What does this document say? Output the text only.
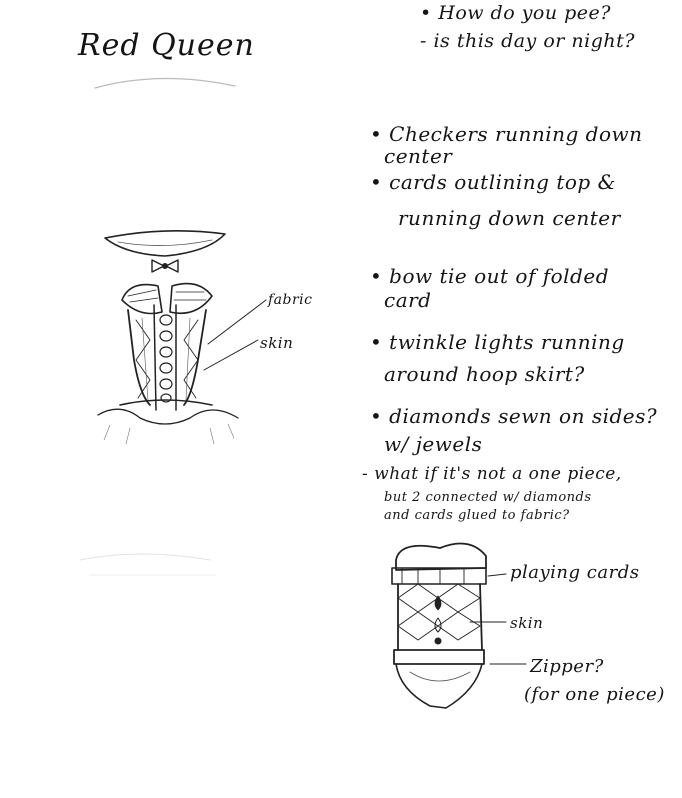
Red Queen
• How do you pee?
- is this day or night?
• Checkers running down
center
• cards outlining top &
running down center
• bow tie out of folded
card
• twinkle lights running
around hoop skirt?
• diamonds sewn on sides?
w/ jewels
- what if it's not a one piece,
but 2 connected w/ diamonds
and cards glued to fabric?
fabric
skin
playing cards
skin
Zipper?
(for one piece)
